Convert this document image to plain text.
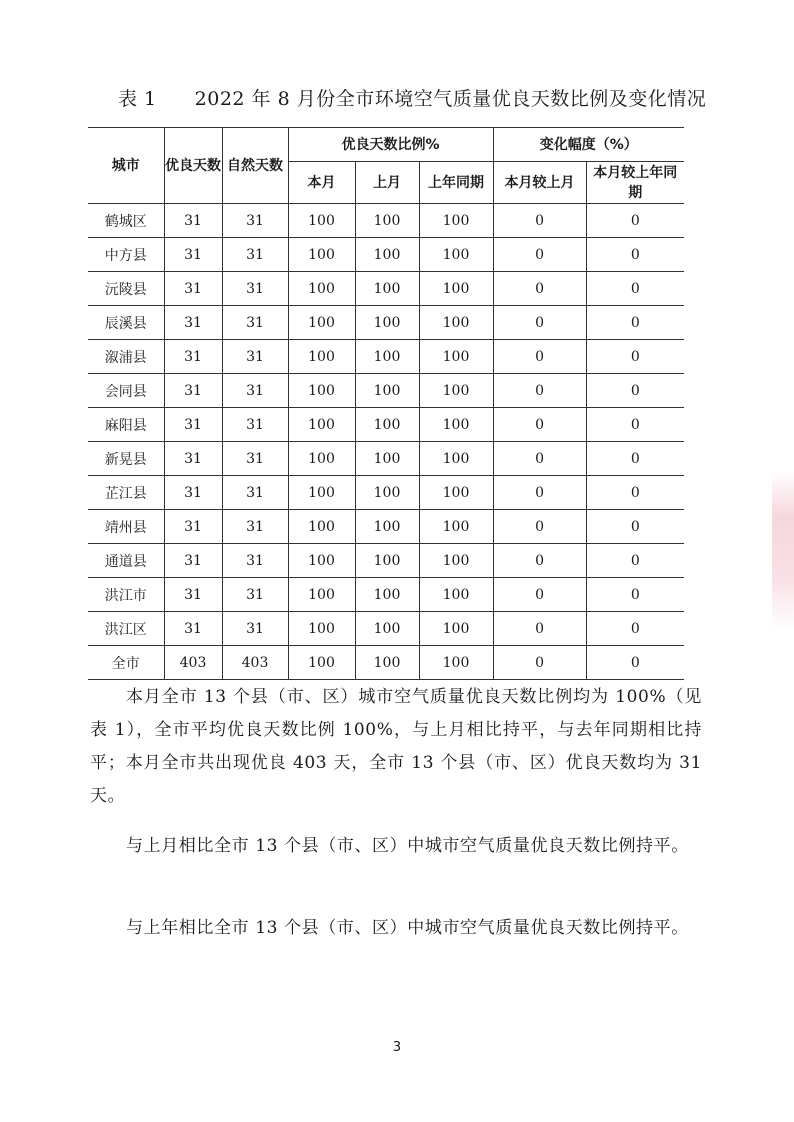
表 1 2022 年 8 月份全市环境空气质量优良天数比例及变化情况
城市	优良天数	自然天数	优良天数比例%			变化幅度（%）	
			本月	上月	上年同期	本月较上月	本月较上年同期
鹤城区	31	31	100	100	100	0	0
中方县	31	31	100	100	100	0	0
沅陵县	31	31	100	100	100	0	0
辰溪县	31	31	100	100	100	0	0
溆浦县	31	31	100	100	100	0	0
会同县	31	31	100	100	100	0	0
麻阳县	31	31	100	100	100	0	0
新晃县	31	31	100	100	100	0	0
芷江县	31	31	100	100	100	0	0
靖州县	31	31	100	100	100	0	0
通道县	31	31	100	100	100	0	0
洪江市	31	31	100	100	100	0	0
洪江区	31	31	100	100	100	0	0
全市	403	403	100	100	100	0	0
本月全市 13 个县（市、区）城市空气质量优良天数比例均为 100%（见表 1），全市平均优良天数比例 100%，与上月相比持平，与去年同期相比持平；本月全市共出现优良 403 天，全市 13 个县（市、区）优良天数均为 31 天。
与上月相比全市 13 个县（市、区）中城市空气质量优良天数比例持平。
与上年相比全市 13 个县（市、区）中城市空气质量优良天数比例持平。
3
